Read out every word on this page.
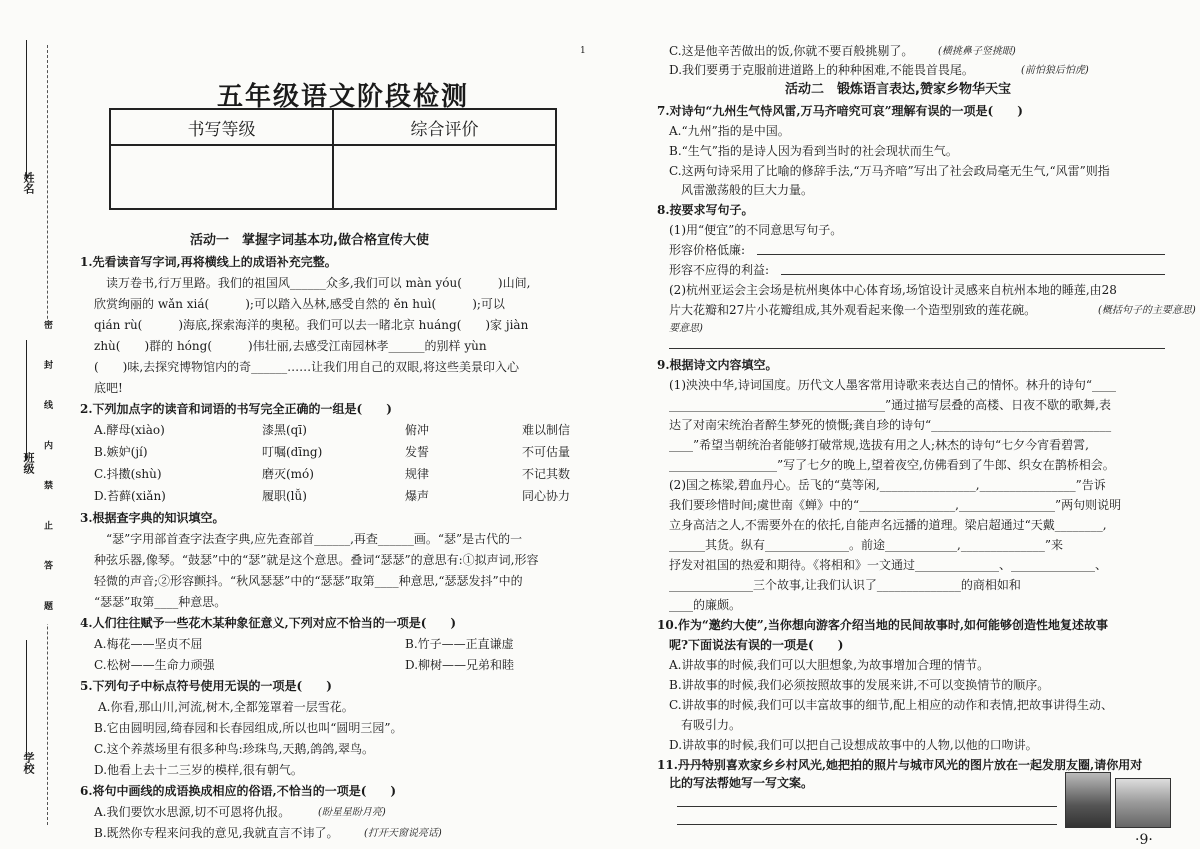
姓名
班级
学校
密 封 线 内 禁 止 答 题
1
五年级语文阶段检测
书写等级	综合评价

活动一　掌握字词基本功,做合格宣传大使
1.先看读音写字词,再将横线上的成语补充完整。
　读万卷书,行万里路。我们的祖国风______众多,我们可以 màn yóu(　　　)山间,
欣赏绚丽的 wǎn xiá(　　　);可以踏入丛林,感受自然的 ěn huì(　　　);可以
qián rù(　　　)海底,探索海洋的奥秘。我们可以去一睹北京 huáng(　　)家 jiàn
zhù(　　)群的 hóng(　　　)伟壮丽,去感受江南园林孝______的别样 yùn
(　　)味,去探究博物馆内的奇______……让我们用自己的双眼,将这些美景印入心
底吧!
2.下列加点字的读音和词语的书写完全正确的一组是(　　)
A.酵母(xiào)	漆黑(qī)	俯冲	难以制信
B.嫉妒(jí)	叮嘱(dīng)	发誓	不可估量
C.抖擞(shù)	磨灭(mó)	规律	不记其数
D.苔藓(xiǎn)	履职(lǚ)	爆声	同心协力
3.根据查字典的知识填空。
　“瑟”字用部首查字法查字典,应先查部首______,再查______画。“瑟”是古代的一
种弦乐器,像琴。“鼓瑟”中的“瑟”就是这个意思。叠词“瑟瑟”的意思有:①拟声词,形容
轻微的声音;②形容颤抖。“秋风瑟瑟”中的“瑟瑟”取第____种意思,“瑟瑟发抖”中的
“瑟瑟”取第____种意思。
4.人们往往赋予一些花木某种象征意义,下列对应不恰当的一项是(　　)
A.梅花——坚贞不屈	B.竹子——正直谦虚
C.松树——生命力顽强	D.柳树——兄弟和睦
5.下列句子中标点符号使用无误的一项是(　　)
　A.你看,那山川,河流,树木,全都笼罩着一层雪花。
B.它由圆明园,绮春园和长春园组成,所以也叫“圆明三园”。
C.这个养蒸场里有很多种鸟:珍珠鸟,天鹅,鸽鸽,翠鸟。
D.他看上去十二三岁的模样,很有朝气。
6.将句中画线的成语换成相应的俗语,不恰当的一项是(　　)
A.我们要饮水思源,切不可恩将仇报。	(盼星星盼月亮)
B.既然你专程来问我的意见,我就直言不讳了。	(打开天窗说亮话)
C.这是他辛苦做出的饭,你就不要百般挑剔了。 (横挑鼻子竖挑眼)
D.我们要勇于克服前进道路上的种种困难,不能畏首畏尾。	(前怕狼后怕虎)
活动二　锻炼语言表达,赞家乡物华天宝
7.对诗句“九州生气恃风雷,万马齐喑究可哀”理解有误的一项是(　　)
A.“九州”指的是中国。
B.“生气”指的是诗人因为看到当时的社会现状而生气。
C.这两句诗采用了比喻的修辞手法,“万马齐喑”写出了社会政局毫无生气,“风雷”则指
风雷激荡般的巨大力量。
8.按要求写句子。
(1)用“便宜”的不同意思写句子。
形容价格低廉:
形容不应得的利益:
(2)杭州亚运会主会场是杭州奥体中心体育场,场馆设计灵感来自杭州本地的睡莲,由28
片大花瓣和27片小花瓣组成,其外观看起来像一个造型别致的莲花碗。	(概括句子的主要意思)
要意思)
9.根据诗文内容填空。
(1)泱泱中华,诗词国度。历代文人墨客常用诗歌来表达自己的情怀。林升的诗句“____
____________________________________”通过描写层叠的高楼、日夜不歇的歌舞,表
达了对南宋统治者醉生梦死的愤慨;龚自珍的诗句“______________________________
____”希望当朝统治者能够打破常规,选拔有用之人;林杰的诗句“七夕今宵看碧霄,
__________________”写了七夕的晚上,望着夜空,仿佛看到了牛郎、织女在鹊桥相会。
(2)国之栋梁,碧血丹心。岳飞的“莫等闲,________________,________________”告诉
我们要珍惜时间;虞世南《蝉》中的“________________,________________”两句则说明
立身高洁之人,不需要外在的依托,自能声名远播的道理。梁启超通过“天戴________,
______其货。纵有______________。前途____________,______________”来
抒发对祖国的热爱和期待。《将相和》一文通过______________、______________、
______________三个故事,让我们认识了______________的商相如和
____的廉颇。
10.作为“邀约大使”,当你想向游客介绍当地的民间故事时,如何能够创造性地复述故事
呢?下面说法有误的一项是(　　)
A.讲故事的时候,我们可以大胆想象,为故事增加合理的情节。
B.讲故事的时候,我们必须按照故事的发展来讲,不可以变换情节的顺序。
C.讲故事的时候,我们可以丰富故事的细节,配上相应的动作和表情,把故事讲得生动、
有吸引力。
D.讲故事的时候,我们可以把自己设想成故事中的人物,以他的口吻讲。
11.丹丹特别喜欢家乡乡村风光,她把拍的照片与城市风光的图片放在一起发朋友圈,请你用对
比的写法帮她写一写文案。
·9·
